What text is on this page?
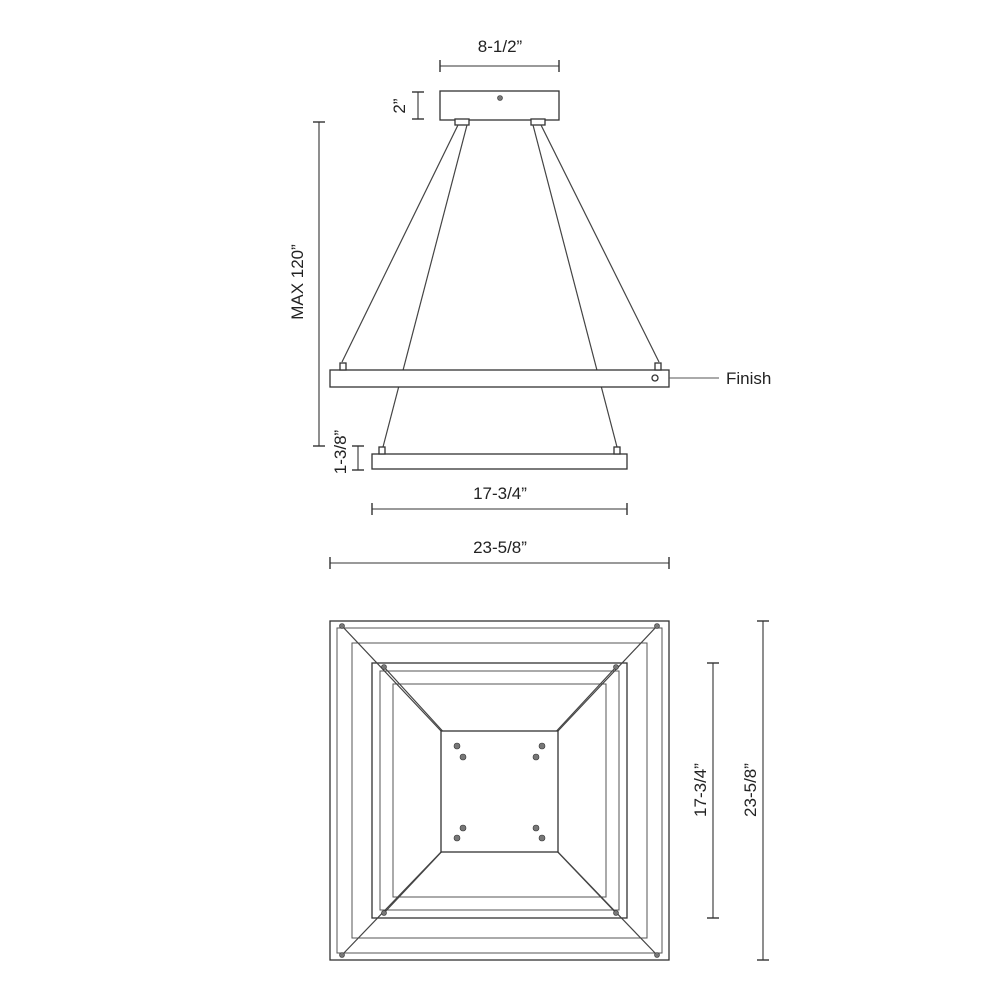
8-1/2”
2”
MAX 120”
Finish
1-3/8”
17-3/4”
23-5/8”
17-3/4” 23-5/8”
